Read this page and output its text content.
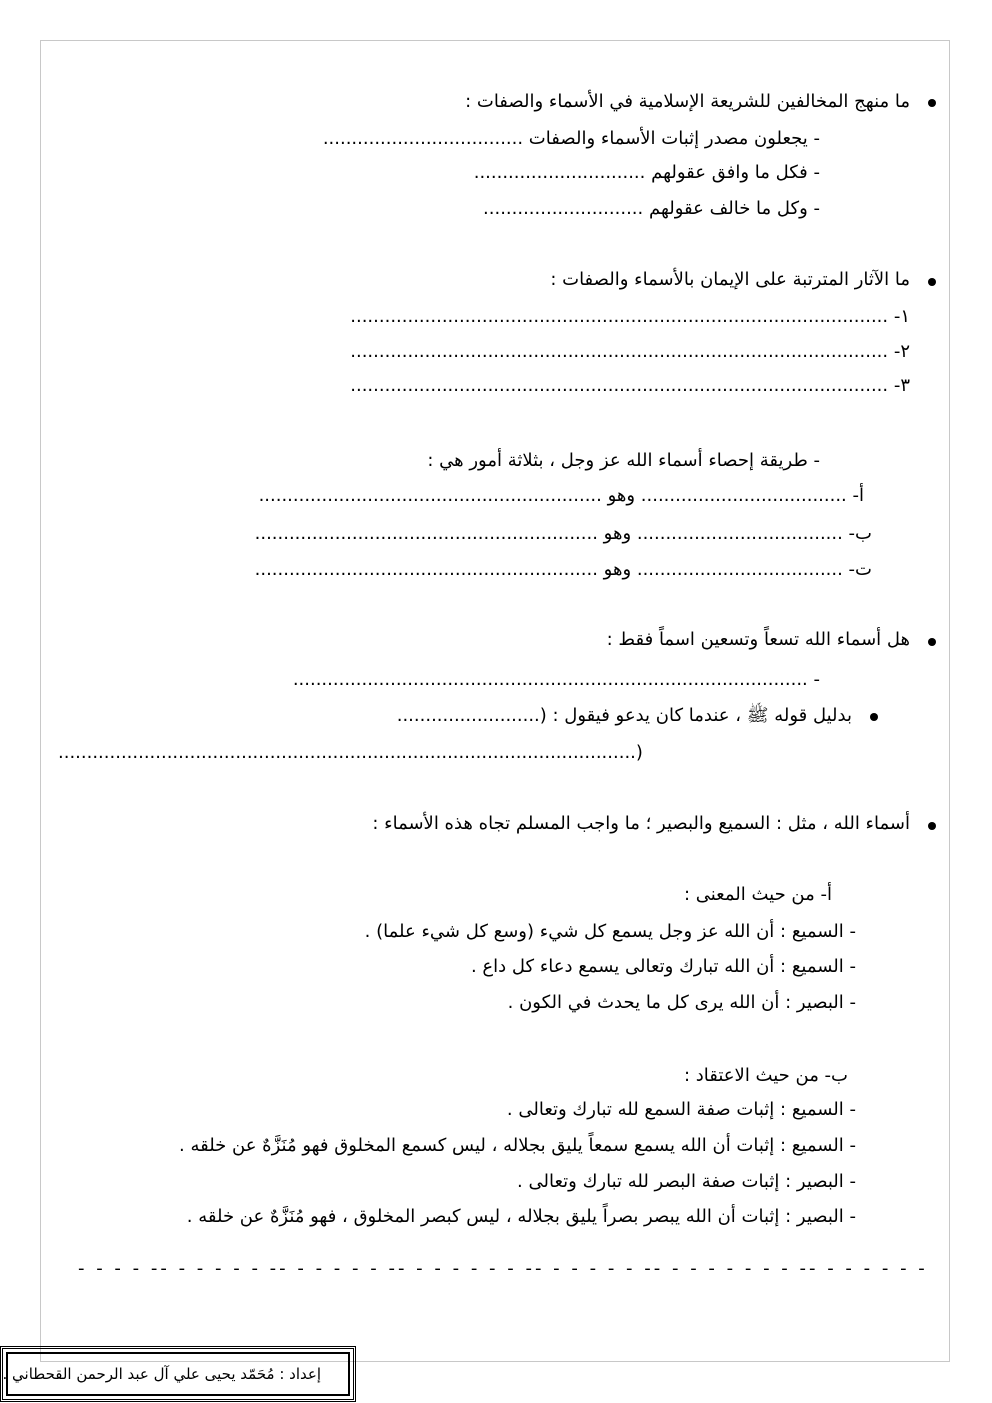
ما منهج المخالفين للشريعة الإسلامية في الأسماء والصفات :
- يجعلون مصدر إثبات الأسماء والصفات ...................................
- فكل ما وافق عقولهم ..............................
- وكل ما خالف عقولهم ............................
ما الآثار المترتبة على الإيمان بالأسماء والصفات :
١- ..............................................................................................
٢- ..............................................................................................
٣- ..............................................................................................
- طريقة إحصاء أسماء الله عز وجل ، بثلاثة أمور هي :
أ- .................................... وهو ............................................................
ب- .................................... وهو ............................................................
ت- .................................... وهو ............................................................
هل أسماء الله تسعاً وتسعين اسماً فقط :
- ..........................................................................................
بدليل قوله ﷺ ، عندما كان يدعو فيقول : (.........................
.....................................................................................................)
أسماء الله ، مثل : السميع والبصير ؛ ما واجب المسلم تجاه هذه الأسماء :
أ- من حيث المعنى :
- السميع : أن الله عز وجل يسمع كل شيء (وسع كل شيء علما) .
- السميع : أن الله تبارك وتعالى يسمع دعاء كل داع .
- البصير : أن الله يرى كل ما يحدث في الكون .
ب- من حيث الاعتقاد :
- السميع : إثبات صفة السمع لله تبارك وتعالى .
- السميع : إثبات أن الله يسمع سمعاً يليق بجلاله ، ليس كسمع المخلوق فهو مُنَزَّهٌ عن خلقه .
- البصير : إثبات صفة البصر لله تبارك وتعالى .
- البصير : إثبات أن الله يبصر بصراً يليق بجلاله ، ليس كبصر المخلوق ، فهو مُنَزَّهٌ عن خلقه .
- - - - -- - - - - - -- - - - - - -- - - - - - - -- - - - - - -- - - - - - - - -- - - - - - -
إعداد : مُحَمّد يحيى علي آل عبد الرحمن القحطاني .
